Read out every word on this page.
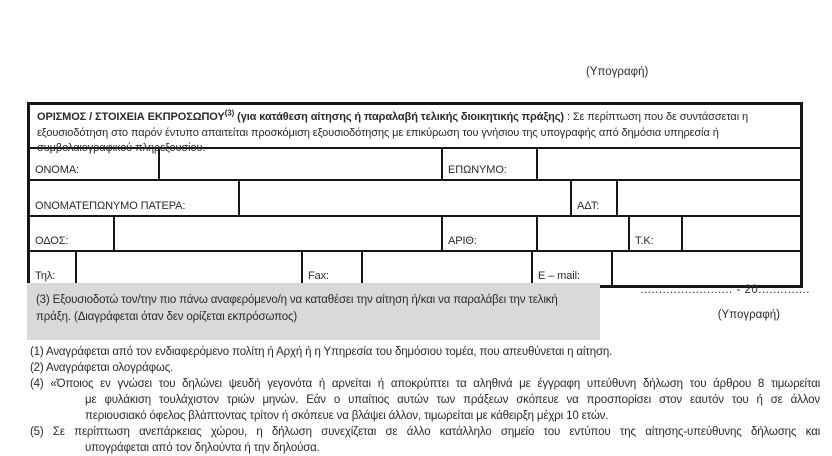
(Υπογραφή)
ΟΡΙΣΜΟΣ / ΣΤΟΙΧΕΙΑ ΕΚΠΡΟΣΩΠΟΥ$^{(3)}$ (για κατάθεση αίτησης ή παραλαβή τελικής διοικητικής πράξης) : Σε περίπτωση που δε συντάσσεται η εξουσιοδότηση στο παρόν έντυπο απαιτείται προσκόμιση εξουσιοδότησης με επικύρωση του γνήσιου της υπογραφής από δημόσια υπηρεσία ή συμβολαιογραφικού πληρεξουσίου.
ΟΝΟΜΑ:	ΕΠΩΝΥΜΟ:
ΟΝΟΜΑΤΕΠΩΝΥΜΟ ΠΑΤΕΡΑ:	ΑΔΤ:
ΟΔΟΣ:	ΑΡΙΘ:	Τ.Κ:
Τηλ:	Fax:	E – mail:
(3) Εξουσιοδοτώ τον/την πιο πάνω αναφερόμενο/η να καταθέσει την αίτηση ή/και να παραλάβει την τελική πράξη. (Διαγράφεται όταν δεν ορίζεται εκπρόσωπος)
......................... - 20..............
(Υπογραφή)
(1) Αναγράφεται από τον ενδιαφερόμενο πολίτη ή Αρχή ή η Υπηρεσία του δημόσιου τομέα, που απευθύνεται η αίτηση.
(2) Αναγράφεται ολογράφως.
(4) «Όποιος εν γνώσει του δηλώνει ψευδή γεγονότα ή αρνείται ή αποκρύπτει τα αληθινά με έγγραφη υπεύθυνη δήλωση του άρθρου 8 τιμωρείται
με φυλάκιση τουλάχιστον τριών μηνών. Εάν ο υπαίτιος αυτών των πράξεων σκόπευε να προσπορίσει στον εαυτόν του ή σε άλλον
περιουσιακό όφελος βλάπτοντας τρίτον ή σκόπευε να βλάψει άλλον, τιμωρείται με κάθειρξη μέχρι 10 ετών.
(5) Σε περίπτωση ανεπάρκειας χώρου, η δήλωση συνεχίζεται σε άλλο κατάλληλο σημείο του εντύπου της αίτησης-υπεύθυνης δήλωσης και
υπογράφεται από τον δηλούντα ή την δηλούσα.
